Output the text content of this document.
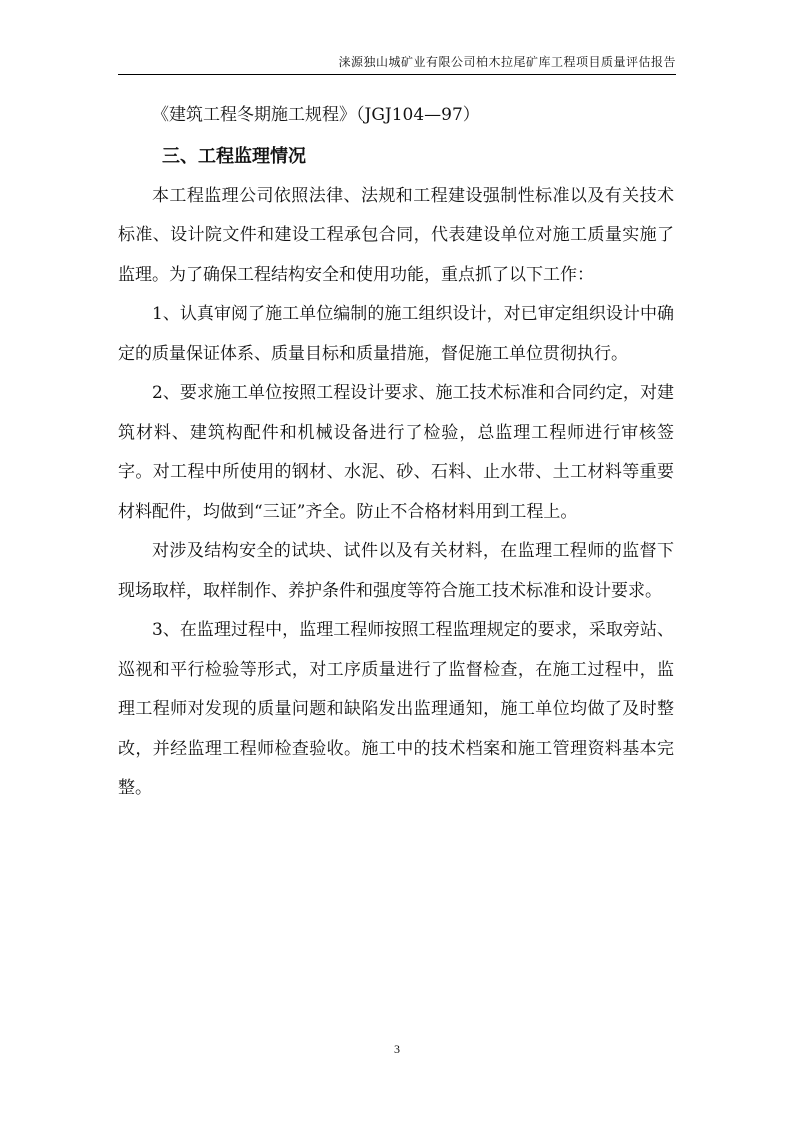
涞源独山城矿业有限公司柏木拉尾矿库工程项目质量评估报告

《建筑工程冬期施工规程》（JGJ104—97）

三、工程监理情况

本工程监理公司依照法律、法规和工程建设强制性标准以及有关技术标准、设计院文件和建设工程承包合同，代表建设单位对施工质量实施了监理。为了确保工程结构安全和使用功能，重点抓了以下工作：

1、认真审阅了施工单位编制的施工组织设计，对已审定组织设计中确定的质量保证体系、质量目标和质量措施，督促施工单位贯彻执行。

2、要求施工单位按照工程设计要求、施工技术标准和合同约定，对建筑材料、建筑构配件和机械设备进行了检验，总监理工程师进行审核签字。对工程中所使用的钢材、水泥、砂、石料、止水带、土工材料等重要材料配件，均做到“三证”齐全。防止不合格材料用到工程上。

对涉及结构安全的试块、试件以及有关材料，在监理工程师的监督下现场取样，取样制作、养护条件和强度等符合施工技术标准和设计要求。

3、在监理过程中，监理工程师按照工程监理规定的要求，采取旁站、巡视和平行检验等形式，对工序质量进行了监督检查，在施工过程中，监理工程师对发现的质量问题和缺陷发出监理通知，施工单位均做了及时整改，并经监理工程师检查验收。施工中的技术档案和施工管理资料基本完整。

3
